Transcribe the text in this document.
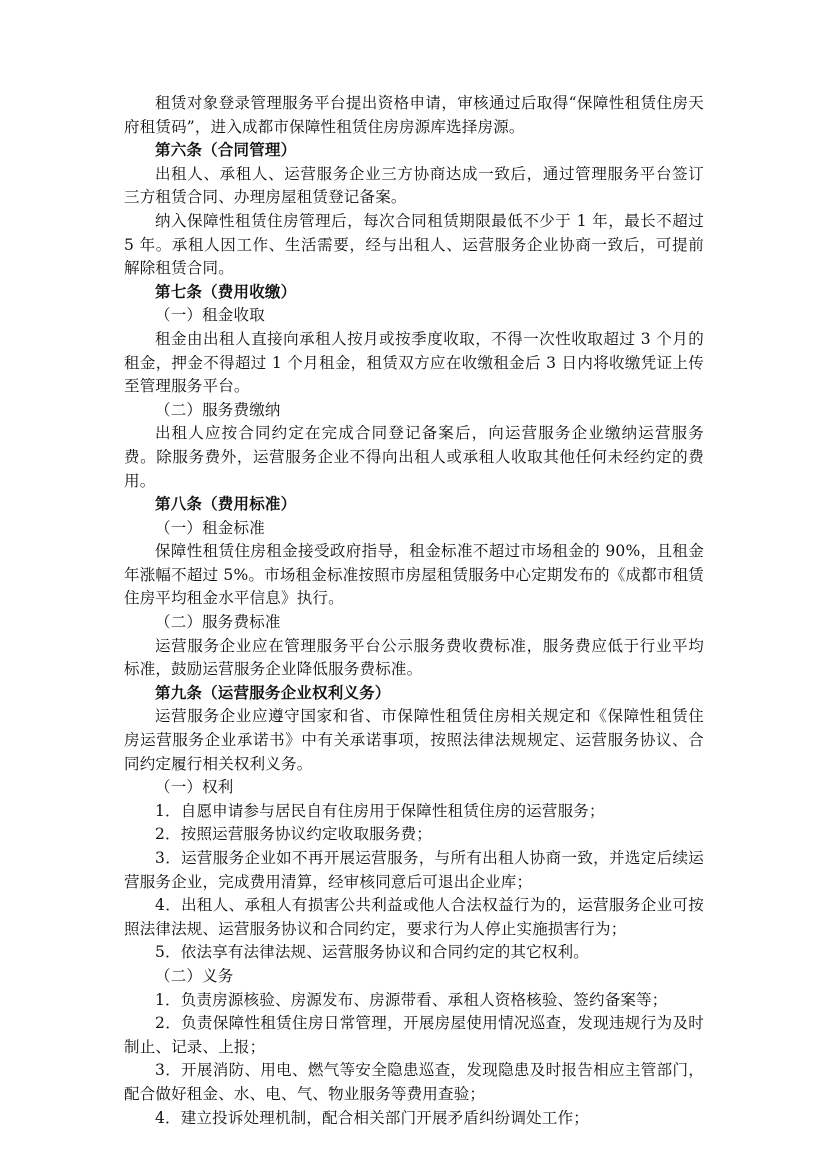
租赁对象登录管理服务平台提出资格申请，审核通过后取得“保障性租赁住房天府租赁码”，进入成都市保障性租赁住房房源库选择房源。

第六条（合同管理）

出租人、承租人、运营服务企业三方协商达成一致后，通过管理服务平台签订三方租赁合同、办理房屋租赁登记备案。

纳入保障性租赁住房管理后，每次合同租赁期限最低不少于 1 年，最长不超过 5 年。承租人因工作、生活需要，经与出租人、运营服务企业协商一致后，可提前解除租赁合同。

第七条（费用收缴）

（一）租金收取

租金由出租人直接向承租人按月或按季度收取，不得一次性收取超过 3 个月的租金，押金不得超过 1 个月租金，租赁双方应在收缴租金后 3 日内将收缴凭证上传至管理服务平台。

（二）服务费缴纳

出租人应按合同约定在完成合同登记备案后，向运营服务企业缴纳运营服务费。除服务费外，运营服务企业不得向出租人或承租人收取其他任何未经约定的费用。

第八条（费用标准）

（一）租金标准

保障性租赁住房租金接受政府指导，租金标准不超过市场租金的 90%，且租金年涨幅不超过 5%。市场租金标准按照市房屋租赁服务中心定期发布的《成都市租赁住房平均租金水平信息》执行。

（二）服务费标准

运营服务企业应在管理服务平台公示服务费收费标准，服务费应低于行业平均标准，鼓励运营服务企业降低服务费标准。

第九条（运营服务企业权利义务）

运营服务企业应遵守国家和省、市保障性租赁住房相关规定和《保障性租赁住房运营服务企业承诺书》中有关承诺事项，按照法律法规规定、运营服务协议、合同约定履行相关权利义务。

（一）权利

1．自愿申请参与居民自有住房用于保障性租赁住房的运营服务；

2．按照运营服务协议约定收取服务费；

3．运营服务企业如不再开展运营服务，与所有出租人协商一致，并选定后续运营服务企业，完成费用清算，经审核同意后可退出企业库；

4．出租人、承租人有损害公共利益或他人合法权益行为的，运营服务企业可按照法律法规、运营服务协议和合同约定，要求行为人停止实施损害行为；

5．依法享有法律法规、运营服务协议和合同约定的其它权利。

（二）义务

1．负责房源核验、房源发布、房源带看、承租人资格核验、签约备案等；

2．负责保障性租赁住房日常管理，开展房屋使用情况巡查，发现违规行为及时制止、记录、上报；

3．开展消防、用电、燃气等安全隐患巡查，发现隐患及时报告相应主管部门，配合做好租金、水、电、气、物业服务等费用查验；

4．建立投诉处理机制，配合相关部门开展矛盾纠纷调处工作；
